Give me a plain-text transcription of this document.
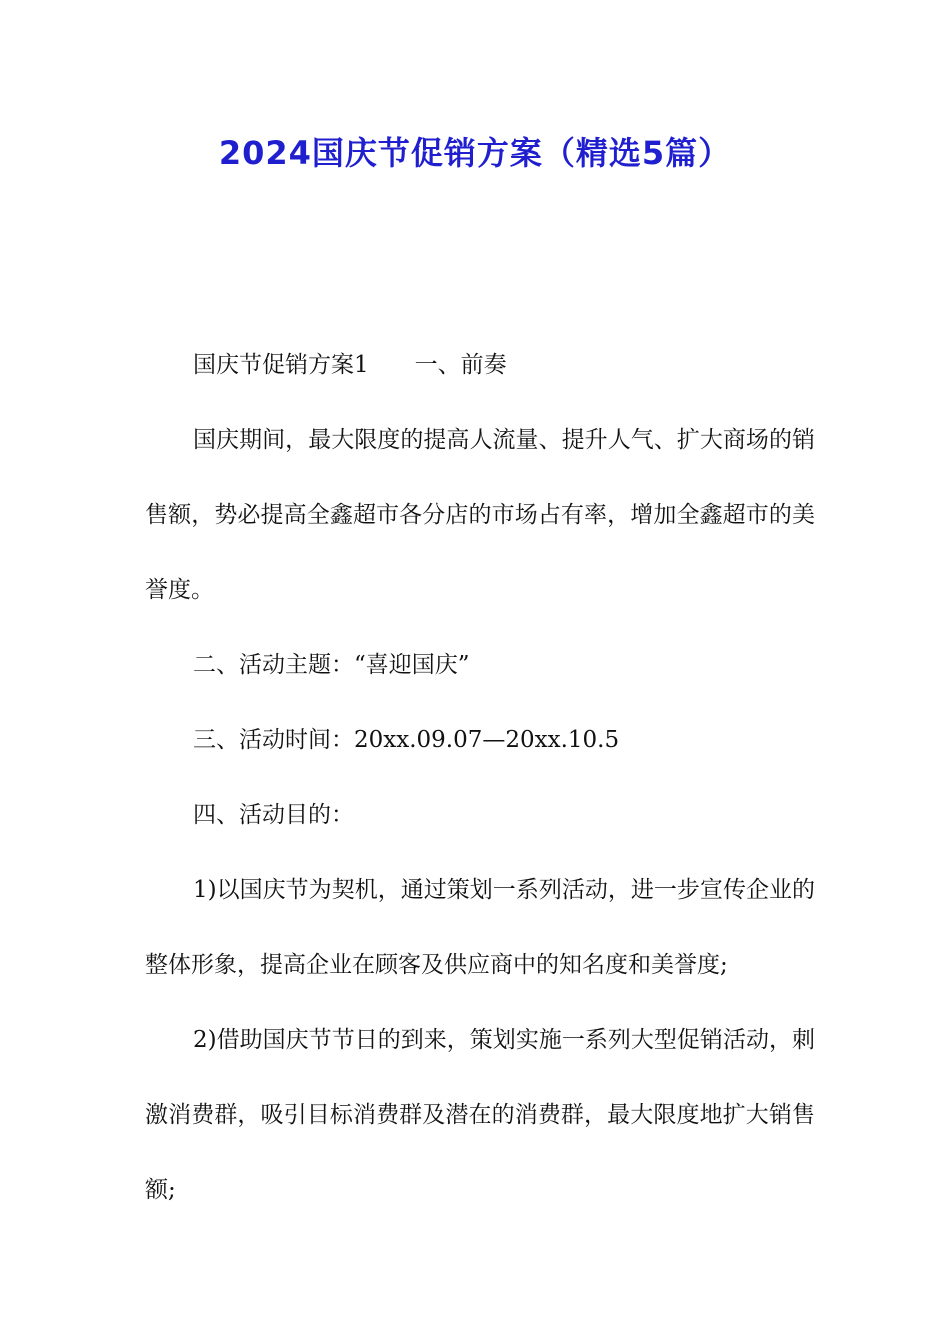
2024国庆节促销方案（精选5篇）

国庆节促销方案1 一、前奏

国庆期间，最大限度的提高人流量、提升人气、扩大商场的销售额，势必提高全鑫超市各分店的市场占有率，增加全鑫超市的美誉度。

二、活动主题：“喜迎国庆”

三、活动时间：20xx.09.07—20xx.10.5

四、活动目的：

1)以国庆节为契机，通过策划一系列活动，进一步宣传企业的整体形象，提高企业在顾客及供应商中的知名度和美誉度;

2)借助国庆节节日的到来，策划实施一系列大型促销活动，刺激消费群，吸引目标消费群及潜在的消费群，最大限度地扩大销售额;
